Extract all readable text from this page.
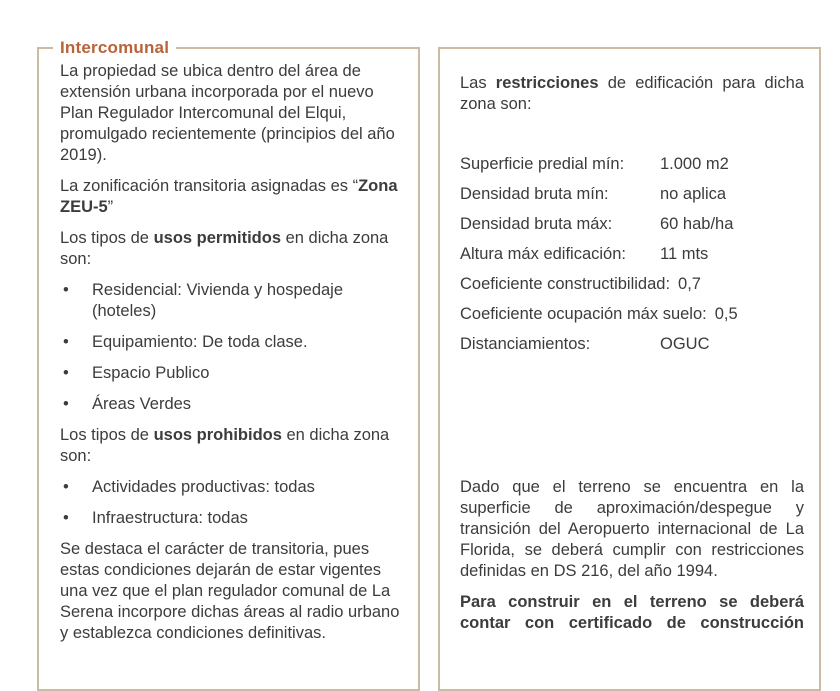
Intercomunal

La propiedad se ubica dentro del área de extensión urbana incorporada por el nuevo Plan Regulador Intercomunal del Elqui, promulgado recientemente (principios del año 2019).

La zonificación transitoria asignadas es “Zona ZEU-5”

Los tipos de usos permitidos en dicha zona son:

• Residencial: Vivienda y hospedaje (hoteles)
• Equipamiento: De toda clase.
• Espacio Publico
• Áreas Verdes

Los tipos de usos prohibidos en dicha zona son:

• Actividades productivas: todas
• Infraestructura: todas

Se destaca el carácter de transitoria, pues estas condiciones dejarán de estar vigentes una vez que el plan regulador comunal de La Serena incorpore dichas áreas al radio urbano y establezca condiciones definitivas.

Las restricciones de edificación para dicha zona son:

Superficie predial mín: 1.000 m2
Densidad bruta mín:	no aplica
Densidad bruta máx:	60 hab/ha
Altura máx edificación: 11 mts
Coeficiente constructibilidad: 0,7
Coeficiente ocupación máx suelo: 0,5
Distanciamientos:	OGUC

Dado que el terreno se encuentra en la superficie de aproximación/despegue y transición del Aeropuerto internacional de La Florida, se deberá cumplir con restricciones definidas en DS 216, del año 1994.

Para construir en el terreno se deberá contar con certificado de construcción
